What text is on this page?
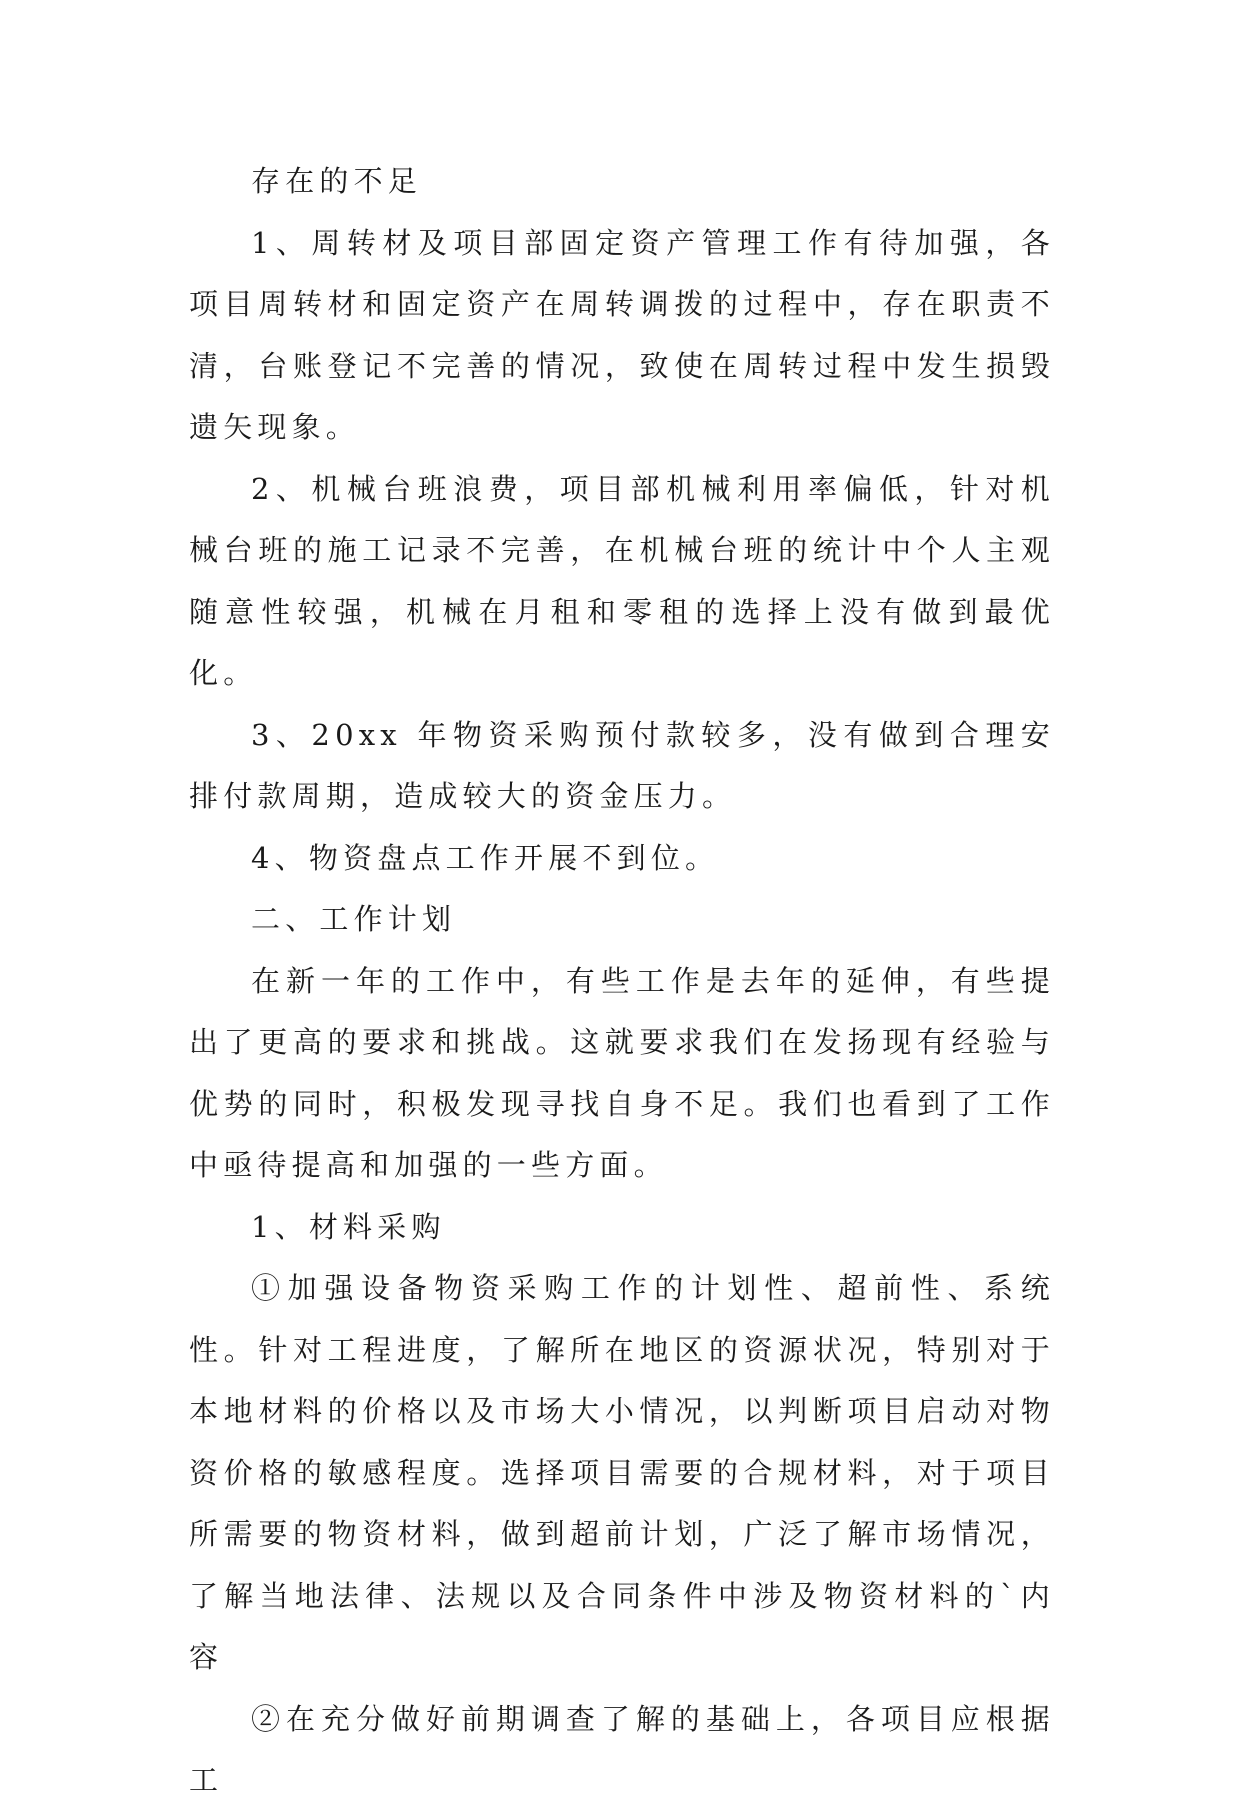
存在的不足

1、周转材及项目部固定资产管理工作有待加强，各项目周转材和固定资产在周转调拨的过程中，存在职责不清，台账登记不完善的情况，致使在周转过程中发生损毁遗矢现象。

2、机械台班浪费，项目部机械利用率偏低，针对机械台班的施工记录不完善，在机械台班的统计中个人主观随意性较强，机械在月租和零租的选择上没有做到最优化。

3、20xx 年物资采购预付款较多，没有做到合理安排付款周期，造成较大的资金压力。

4、物资盘点工作开展不到位。

二、工作计划

在新一年的工作中，有些工作是去年的延伸，有些提出了更高的要求和挑战。这就要求我们在发扬现有经验与优势的同时，积极发现寻找自身不足。我们也看到了工作中亟待提高和加强的一些方面。

1、材料采购

①加强设备物资采购工作的计划性、超前性、系统性。针对工程进度，了解所在地区的资源状况，特别对于本地材料的价格以及市场大小情况，以判断项目启动对物资价格的敏感程度。选择项目需要的合规材料，对于项目所需要的物资材料，做到超前计划，广泛了解市场情况，了解当地法律、法规以及合同条件中涉及物资材料的`内容

②在充分做好前期调查了解的基础上，各项目应根据工
